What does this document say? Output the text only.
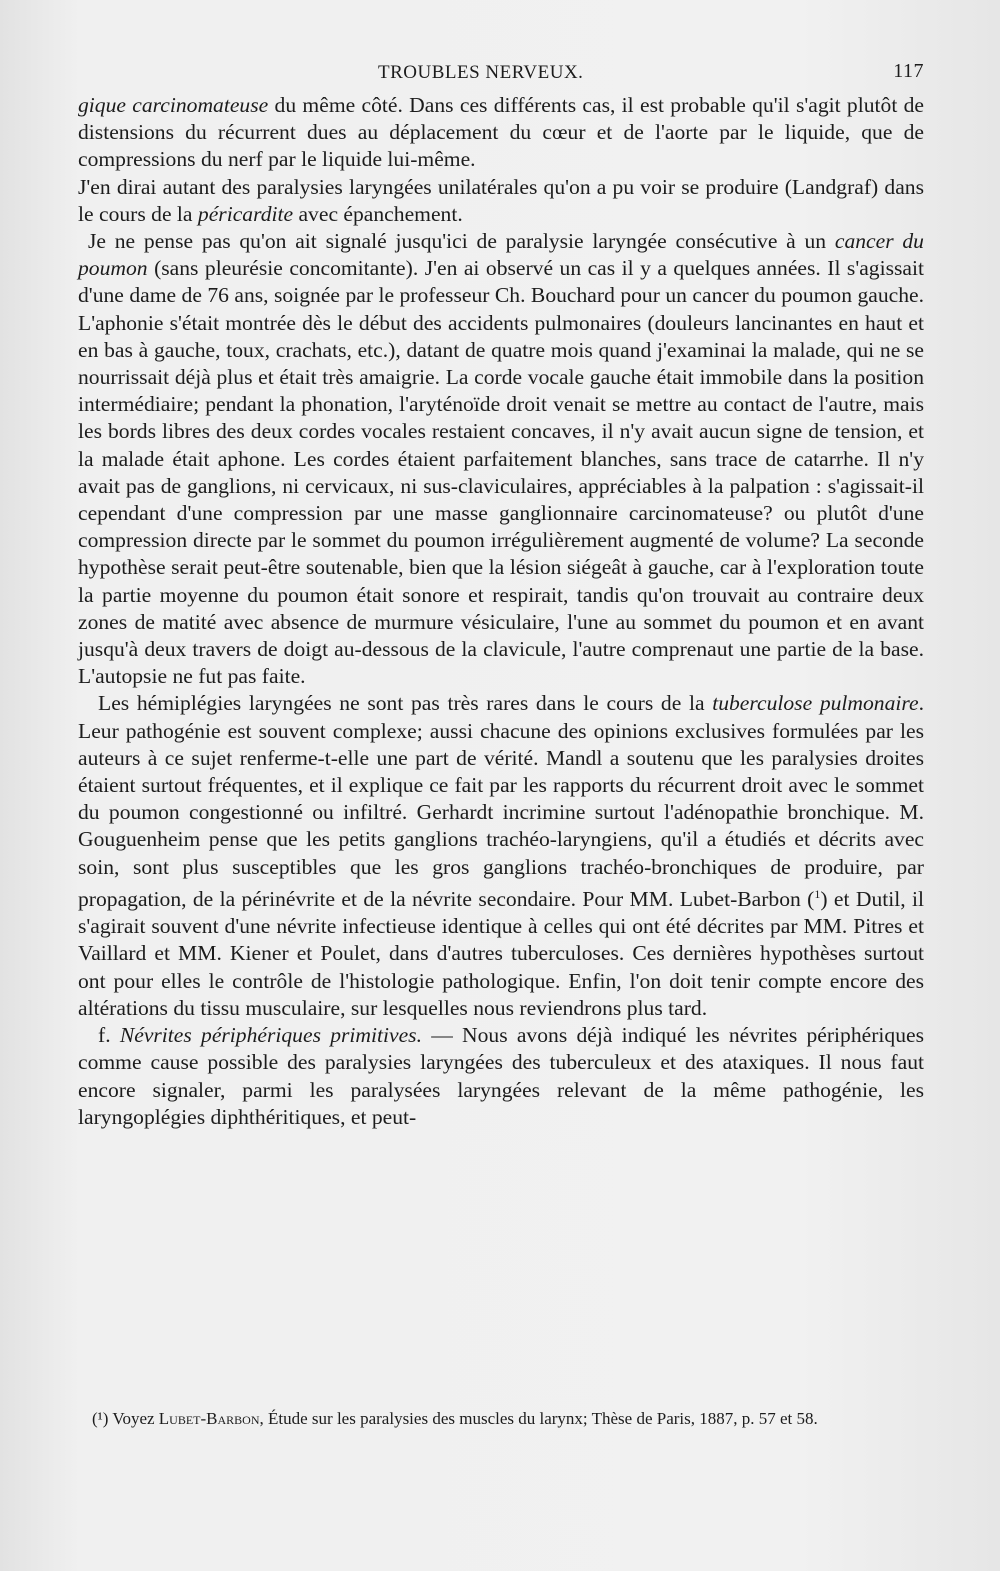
TROUBLES NERVEUX.	117

gique carcinomateuse du même côté. Dans ces différents cas, il est probable qu'il s'agit plutôt de distensions du récurrent dues au déplacement du cœur et de l'aorte par le liquide, que de compressions du nerf par le liquide lui-même.

J'en dirai autant des paralysies laryngées unilatérales qu'on a pu voir se produire (Landgraf) dans le cours de la péricardite avec épanchement.

Je ne pense pas qu'on ait signalé jusqu'ici de paralysie laryngée consécutive à un cancer du poumon (sans pleurésie concomitante). J'en ai observé un cas il y a quelques années. Il s'agissait d'une dame de 76 ans, soignée par le professeur Ch. Bouchard pour un cancer du poumon gauche. L'aphonie s'était montrée dès le début des accidents pulmonaires (douleurs lancinantes en haut et en bas à gauche, toux, crachats, etc.), datant de quatre mois quand j'examinai la malade, qui ne se nourrissait déjà plus et était très amaigrie. La corde vocale gauche était immobile dans la position intermédiaire; pendant la phonation, l'aryténoïde droit venait se mettre au contact de l'autre, mais les bords libres des deux cordes vocales restaient concaves, il n'y avait aucun signe de tension, et la malade était aphone. Les cordes étaient parfaitement blanches, sans trace de catarrhe. Il n'y avait pas de ganglions, ni cervicaux, ni sus-claviculaires, appréciables à la palpation : s'agissait-il cependant d'une compression par une masse ganglionnaire carcinomateuse? ou plutôt d'une compression directe par le sommet du poumon irrégulièrement augmenté de volume? La seconde hypothèse serait peut-être soutenable, bien que la lésion siégeât à gauche, car à l'exploration toute la partie moyenne du poumon était sonore et respirait, tandis qu'on trouvait au contraire deux zones de matité avec absence de murmure vésiculaire, l'une au sommet du poumon et en avant jusqu'à deux travers de doigt au-dessous de la clavicule, l'autre comprenaut une partie de la base. L'autopsie ne fut pas faite.

Les hémiplégies laryngées ne sont pas très rares dans le cours de la tuberculose pulmonaire. Leur pathogénie est souvent complexe; aussi chacune des opinions exclusives formulées par les auteurs à ce sujet renferme-t-elle une part de vérité. Mandl a soutenu que les paralysies droites étaient surtout fréquentes, et il explique ce fait par les rapports du récurrent droit avec le sommet du poumon congestionné ou infiltré. Gerhardt incrimine surtout l'adénopathie bronchique. M. Gouguenheim pense que les petits ganglions trachéo-laryngiens, qu'il a étudiés et décrits avec soin, sont plus susceptibles que les gros ganglions trachéo-bronchiques de produire, par propagation, de la périnévrite et de la névrite secondaire. Pour MM. Lubet-Barbon ($^1$) et Dutil, il s'agirait souvent d'une névrite infectieuse identique à celles qui ont été décrites par MM. Pitres et Vaillard et MM. Kiener et Poulet, dans d'autres tuberculoses. Ces dernières hypothèses surtout ont pour elles le contrôle de l'histologie pathologique. Enfin, l'on doit tenir compte encore des altérations du tissu musculaire, sur lesquelles nous reviendrons plus tard.

f. Névrites périphériques primitives. — Nous avons déjà indiqué les névrites périphériques comme cause possible des paralysies laryngées des tuberculeux et des ataxiques. Il nous faut encore signaler, parmi les paralysées laryngées relevant de la même pathogénie, les laryngoplégies diphthéritiques, et peut-

(¹) Voyez Lubet-Barbon, Étude sur les paralysies des muscles du larynx; Thèse de Paris, 1887, p. 57 et 58.
